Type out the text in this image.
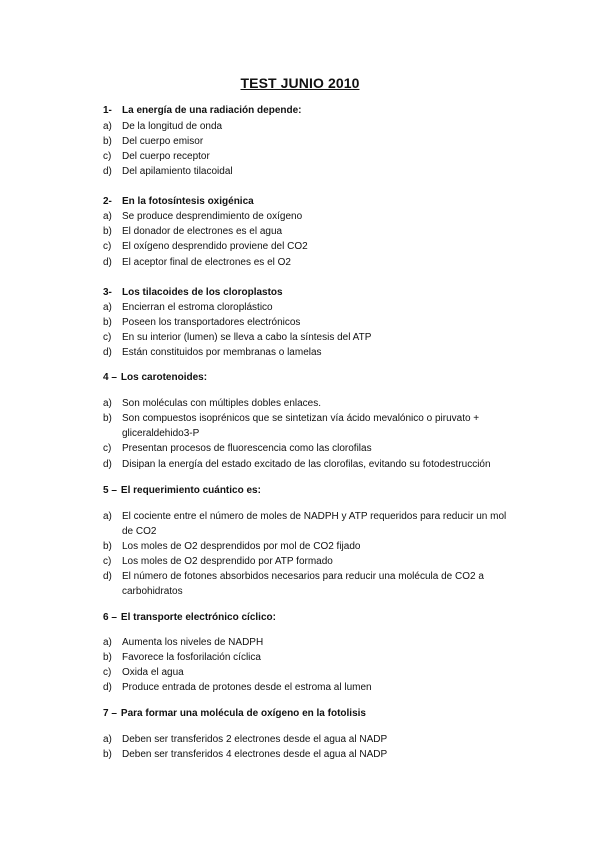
TEST JUNIO 2010
1- La energía de una radiación depende:
a) De la longitud de onda
b) Del cuerpo emisor
c) Del cuerpo receptor
d) Del apilamiento tilacoidal
2- En la fotosíntesis oxigénica
a) Se produce desprendimiento de oxígeno
b) El donador de electrones es el agua
c) El oxígeno desprendido proviene del CO2
d) El aceptor final de electrones es el O2
3- Los tilacoides de los cloroplastos
a) Encierran el estroma cloroplástico
b) Poseen los transportadores electrónicos
c) En su interior (lumen) se lleva a cabo la síntesis del ATP
d) Están constituidos por membranas o lamelas
4 – Los carotenoides:
a) Son moléculas con múltiples dobles enlaces.
b) Son compuestos isoprénicos que se sintetizan vía ácido mevalónico o piruvato +
gliceraldehido3-P
c) Presentan procesos de fluorescencia como las clorofilas
d) Disipan la energía del estado excitado de las clorofilas, evitando su fotodestrucción
5 – El requerimiento cuántico es:
a) El cociente entre el número de moles de NADPH y ATP requeridos para reducir un mol
de CO2
b) Los moles de O2 desprendidos por mol de CO2 fijado
c) Los moles de O2 desprendido por ATP formado
d) El número de fotones absorbidos necesarios para reducir una molécula de CO2 a
carbohidratos
6 – El transporte electrónico cíclico:
a) Aumenta los niveles de NADPH
b) Favorece la fosforilación cíclica
c) Oxida el agua
d) Produce entrada de protones desde el estroma al lumen
7 – Para formar una molécula de oxígeno en la fotolisis
a) Deben ser transferidos 2 electrones desde el agua al NADP
b) Deben ser transferidos 4 electrones desde el agua al NADP
